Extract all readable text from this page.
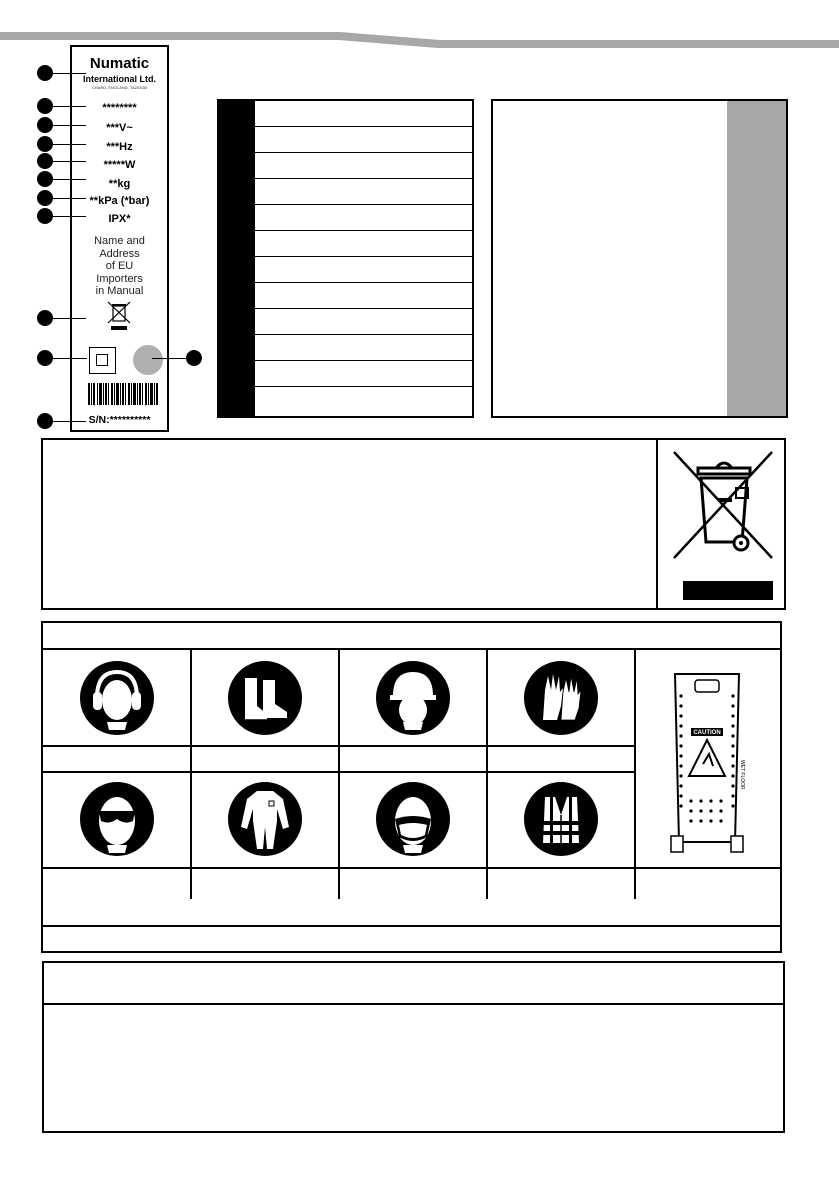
Numatic
International Ltd.
CHARD, ENGLAND, TA203GB
********
***V~
***Hz
*****W
**kg
**kPa (*bar)
IPX*
Name and
Address
of EU
Importers
in Manual
S/N:**********
CAUTION
WET FLOOR
